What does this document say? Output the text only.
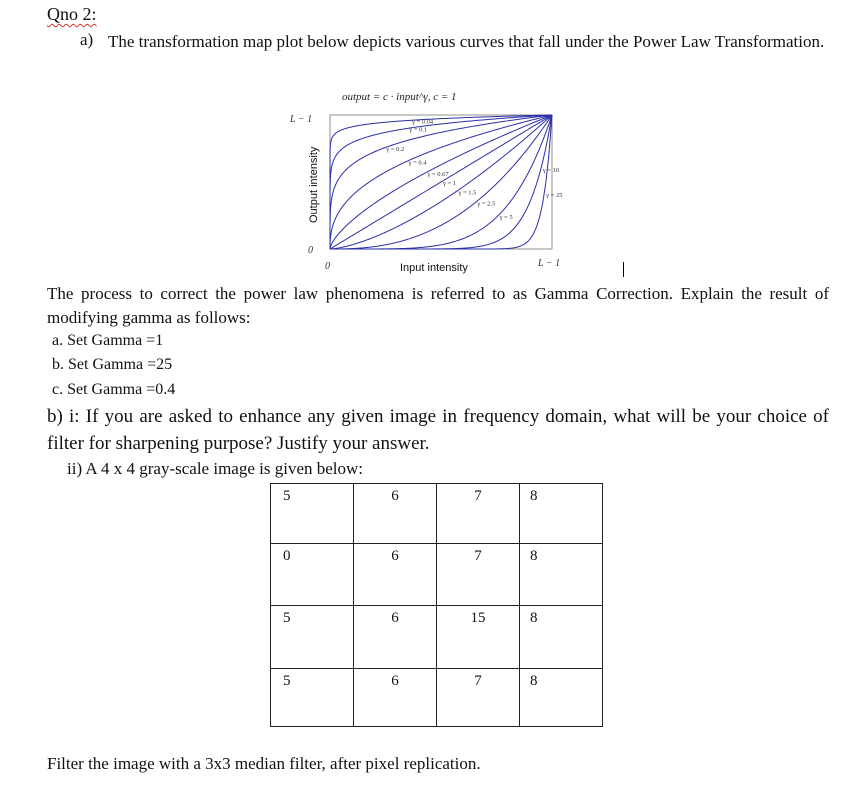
Qno 2:
a) The transformation map plot below depicts various curves that fall under the Power Law Transformation.
output = c · input^γ, c = 1
L − 1
0
0	L − 1
Output intensity
Input intensity
γ = 0.04
γ = 0.1
γ = 0.2
γ = 0.4
γ = 0.67
γ = 1
γ = 1.5
γ = 2.5
γ = 5
γ = 10
γ = 25
The process to correct the power law phenomena is referred to as Gamma Correction. Explain the result of modifying gamma as follows:
a. Set Gamma =1
b. Set Gamma =25
c. Set Gamma =0.4
b) i: If you are asked to enhance any given image in frequency domain, what will be your choice of filter for sharpening purpose? Justify your answer.
ii) A 4 x 4 gray-scale image is given below:
5	6	7	8
0	6	7	8
5	6	15	8
5	6	7	8
Filter the image with a 3x3 median filter, after pixel replication.
